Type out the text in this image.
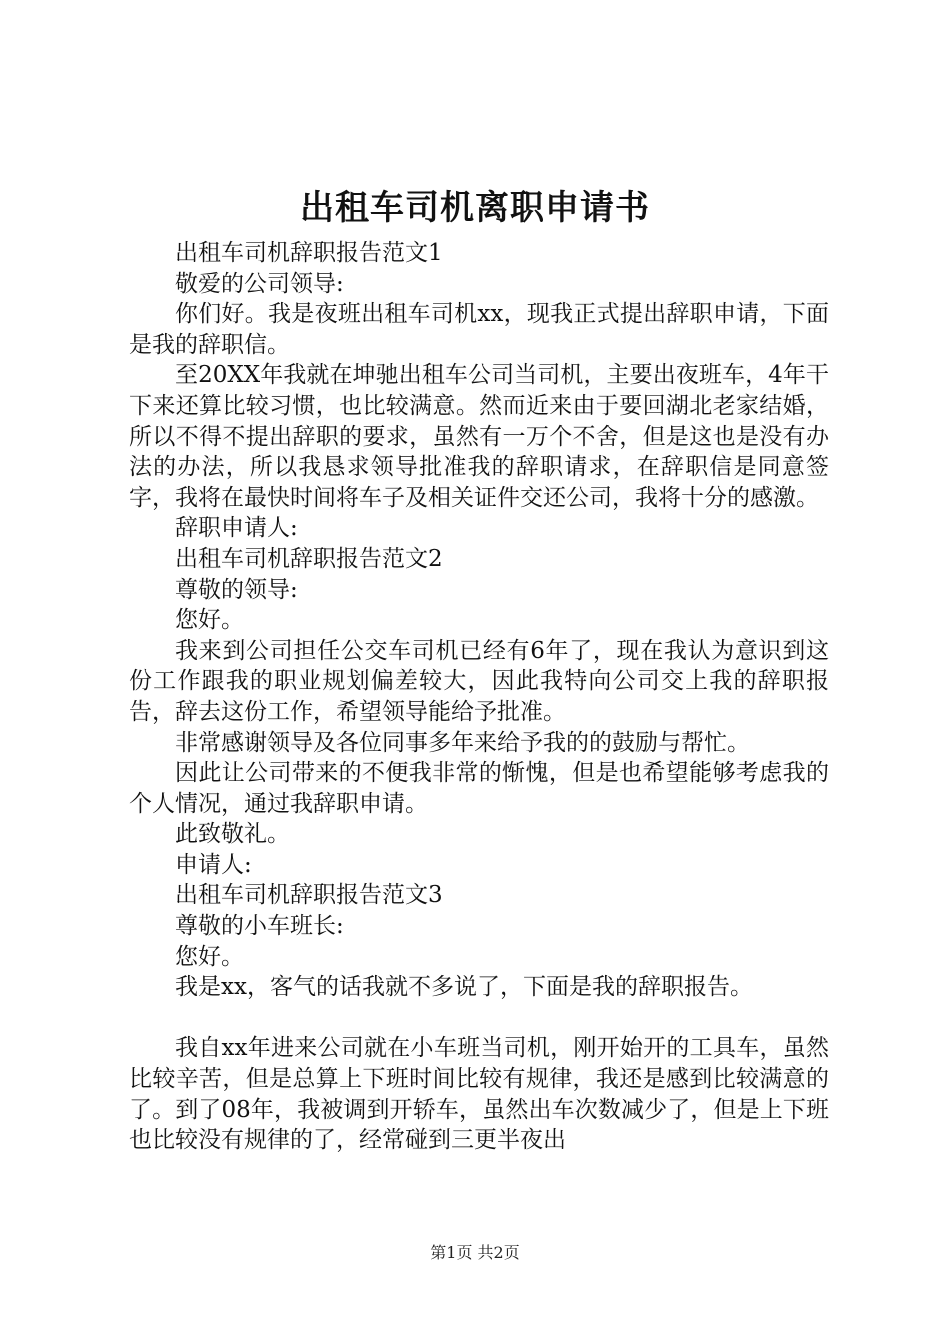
出租车司机离职申请书

出租车司机辞职报告范文1

敬爱的公司领导:

你们好。我是夜班出租车司机xx，现我正式提出辞职申请，下面是我的辞职信。

至20XX年我就在坤驰出租车公司当司机，主要出夜班车，4年干下来还算比较习惯，也比较满意。然而近来由于要回湖北老家结婚，所以不得不提出辞职的要求，虽然有一万个不舍，但是这也是没有办法的办法，所以我恳求领导批准我的辞职请求，在辞职信是同意签字，我将在最快时间将车子及相关证件交还公司，我将十分的感激。

辞职申请人:

出租车司机辞职报告范文2

尊敬的领导:

您好。

我来到公司担任公交车司机已经有6年了，现在我认为意识到这份工作跟我的职业规划偏差较大，因此我特向公司交上我的辞职报告，辞去这份工作，希望领导能给予批准。

非常感谢领导及各位同事多年来给予我的的鼓励与帮忙。

因此让公司带来的不便我非常的惭愧，但是也希望能够考虑我的个人情况，通过我辞职申请。

此致敬礼。

申请人:

出租车司机辞职报告范文3

尊敬的小车班长:

您好。

我是xx，客气的话我就不多说了，下面是我的辞职报告。

我自xx年进来公司就在小车班当司机，刚开始开的工具车，虽然比较辛苦，但是总算上下班时间比较有规律，我还是感到比较满意的了。到了08年，我被调到开轿车，虽然出车次数减少了，但是上下班也比较没有规律的了，经常碰到三更半夜出

第1页 共2页
